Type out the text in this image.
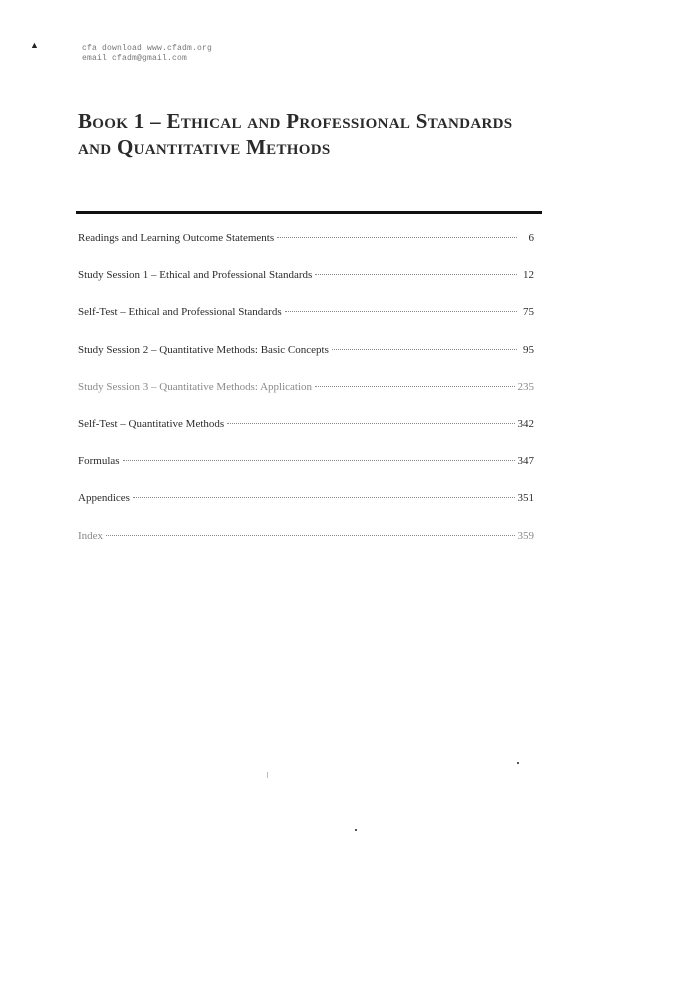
▲	cfa download www.cfadm.org
email cfadm@gmail.com
Book 1 – Ethical and Professional Standards and Quantitative Methods
Readings and Learning Outcome Statements	6
Study Session 1 – Ethical and Professional Standards	12
Self-Test – Ethical and Professional Standards	75
Study Session 2 – Quantitative Methods: Basic Concepts	95
Study Session 3 – Quantitative Methods: Application	235
Self-Test – Quantitative Methods	342
Formulas	347
Appendices	351
Index	359
